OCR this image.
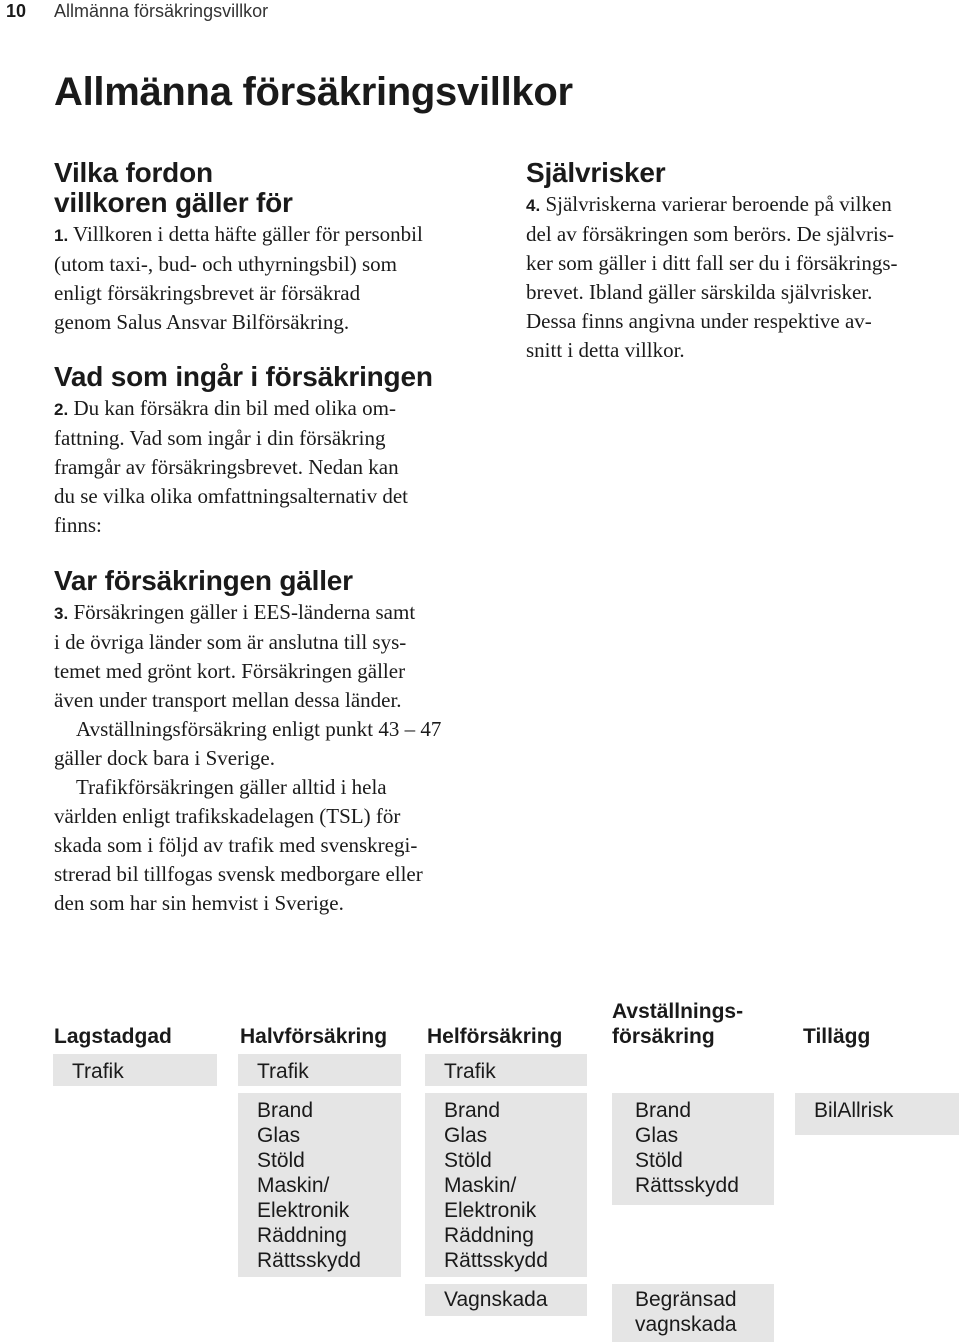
10 Allmänna försäkringsvillkor
Allmänna försäkringsvillkor
Vilka fordon
villkoren gäller för

1. Villkoren i detta häfte gäller för personbil

(utom taxi-, bud- och uthyrningsbil) som

enligt försäkringsbrevet är försäkrad

genom Salus Ansvar Bilförsäkring.

Vad som ingår i försäkringen

2. Du kan försäkra din bil med olika om-

fattning. Vad som ingår i din försäkring

framgår av försäkringsbrevet. Nedan kan

du se vilka olika omfattningsalternativ det

finns:

Var försäkringen gäller

3. Försäkringen gäller i EES-länderna samt

i de övriga länder som är anslutna till sys-

temet med grönt kort. Försäkringen gäller

även under transport mellan dessa länder.

Avställningsförsäkring enligt punkt 43 – 47

gäller dock bara i Sverige.

Trafikförsäkringen gäller alltid i hela

världen enligt trafikskadelagen (TSL) för

skada som i följd av trafik med svenskregi-

strerad bil tillfogas svensk medborgare eller

den som har sin hemvist i Sverige.

Självrisker

4. Självriskerna varierar beroende på vilken

del av försäkringen som berörs. De självris-

ker som gäller i ditt fall ser du i försäkrings-

brevet. Ibland gäller särskilda självrisker.

Dessa finns angivna under respektive av-

snitt i detta villkor.

Lagstadgad
Trafik
Halvförsäkring
Trafik
Brand
Glas
Stöld
Maskin/
Elektronik
Räddning
Rättsskydd
Helförsäkring
Trafik
Brand
Glas
Stöld
Maskin/
Elektronik
Räddning
Rättsskydd
Vagnskada
Avställnings-
försäkring
Brand
Glas
Stöld
Rättsskydd
Begränsad
vagnskada
Tillägg
BilAllrisk
